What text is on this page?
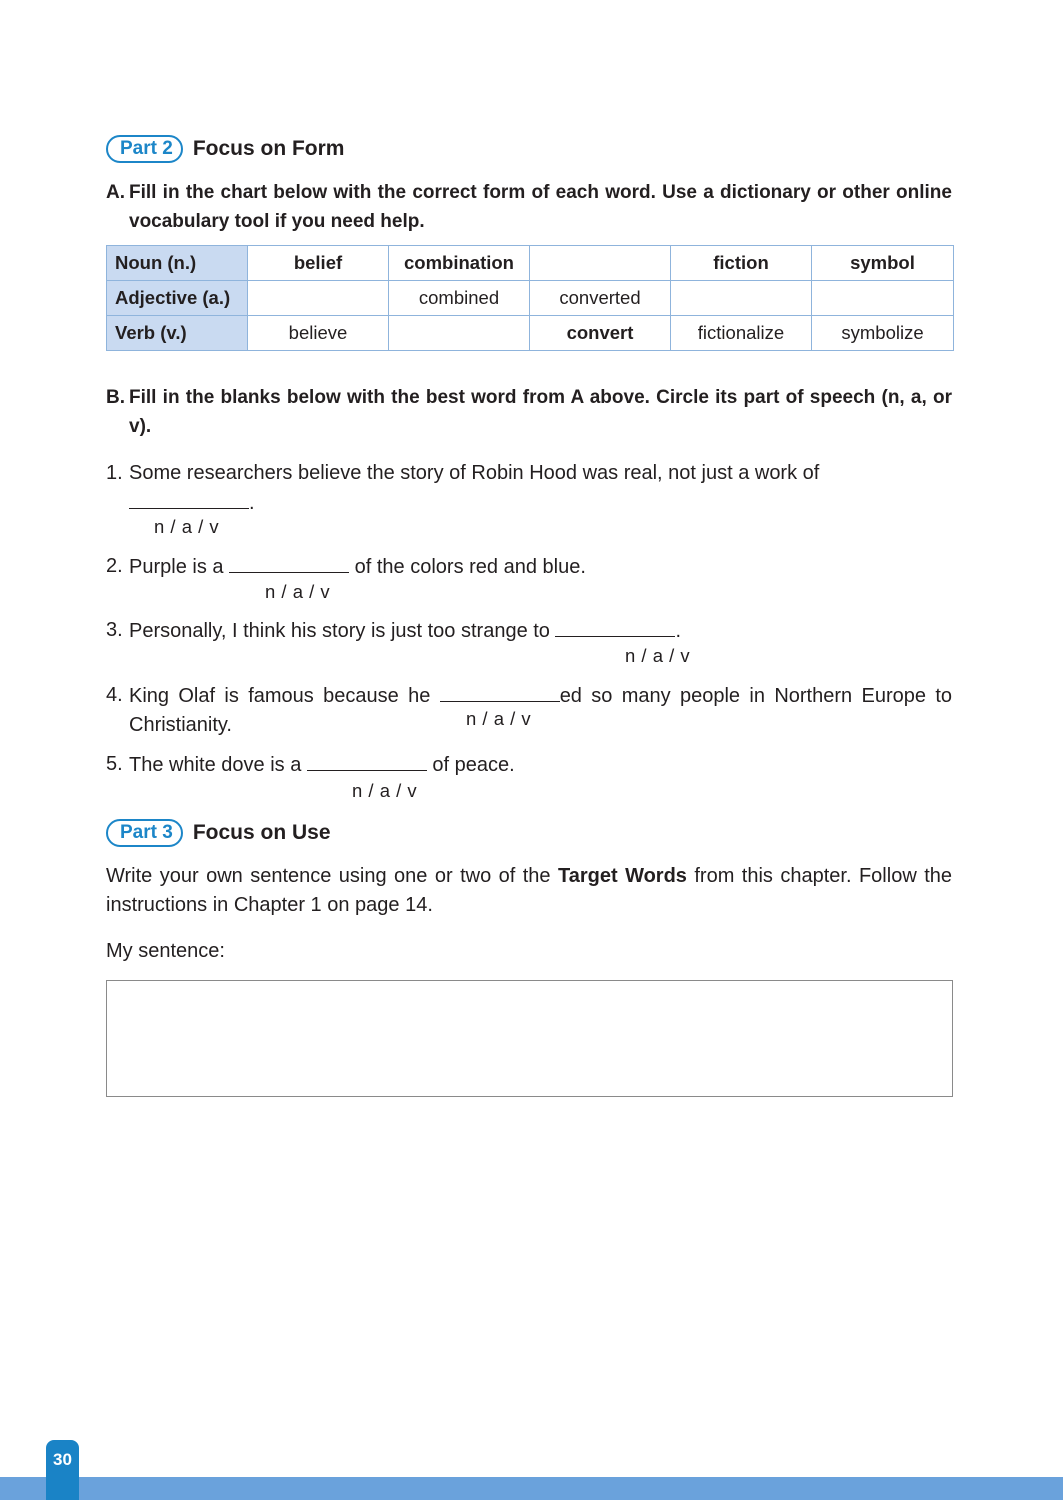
Part 2 Focus on Form
A. Fill in the chart below with the correct form of each word. Use a dictionary or other online vocabulary tool if you need help.
Noun (n.)	belief	combination		fiction	symbol
Adjective (a.)		combined	converted		
Verb (v.)	believe		convert	fictionalize	symbolize
B. Fill in the blanks below with the best word from A above. Circle its part of speech (n, a, or v).
1. Some researchers believe the story of Robin Hood was real, not just a work of
.
n / a / v
2. Purple is a	of the colors red and blue.
n / a / v
3. Personally, I think his story is just too strange to	.
n / a / v
4. King Olaf is famous because he	ed so many people in Northern Europe to Christianity.	n / a / v
5. The white dove is a	of peace.
n / a / v
Part 3 Focus on Use
Write your own sentence using one or two of the Target Words from this chapter. Follow the instructions in Chapter 1 on page 14.
My sentence:
30
